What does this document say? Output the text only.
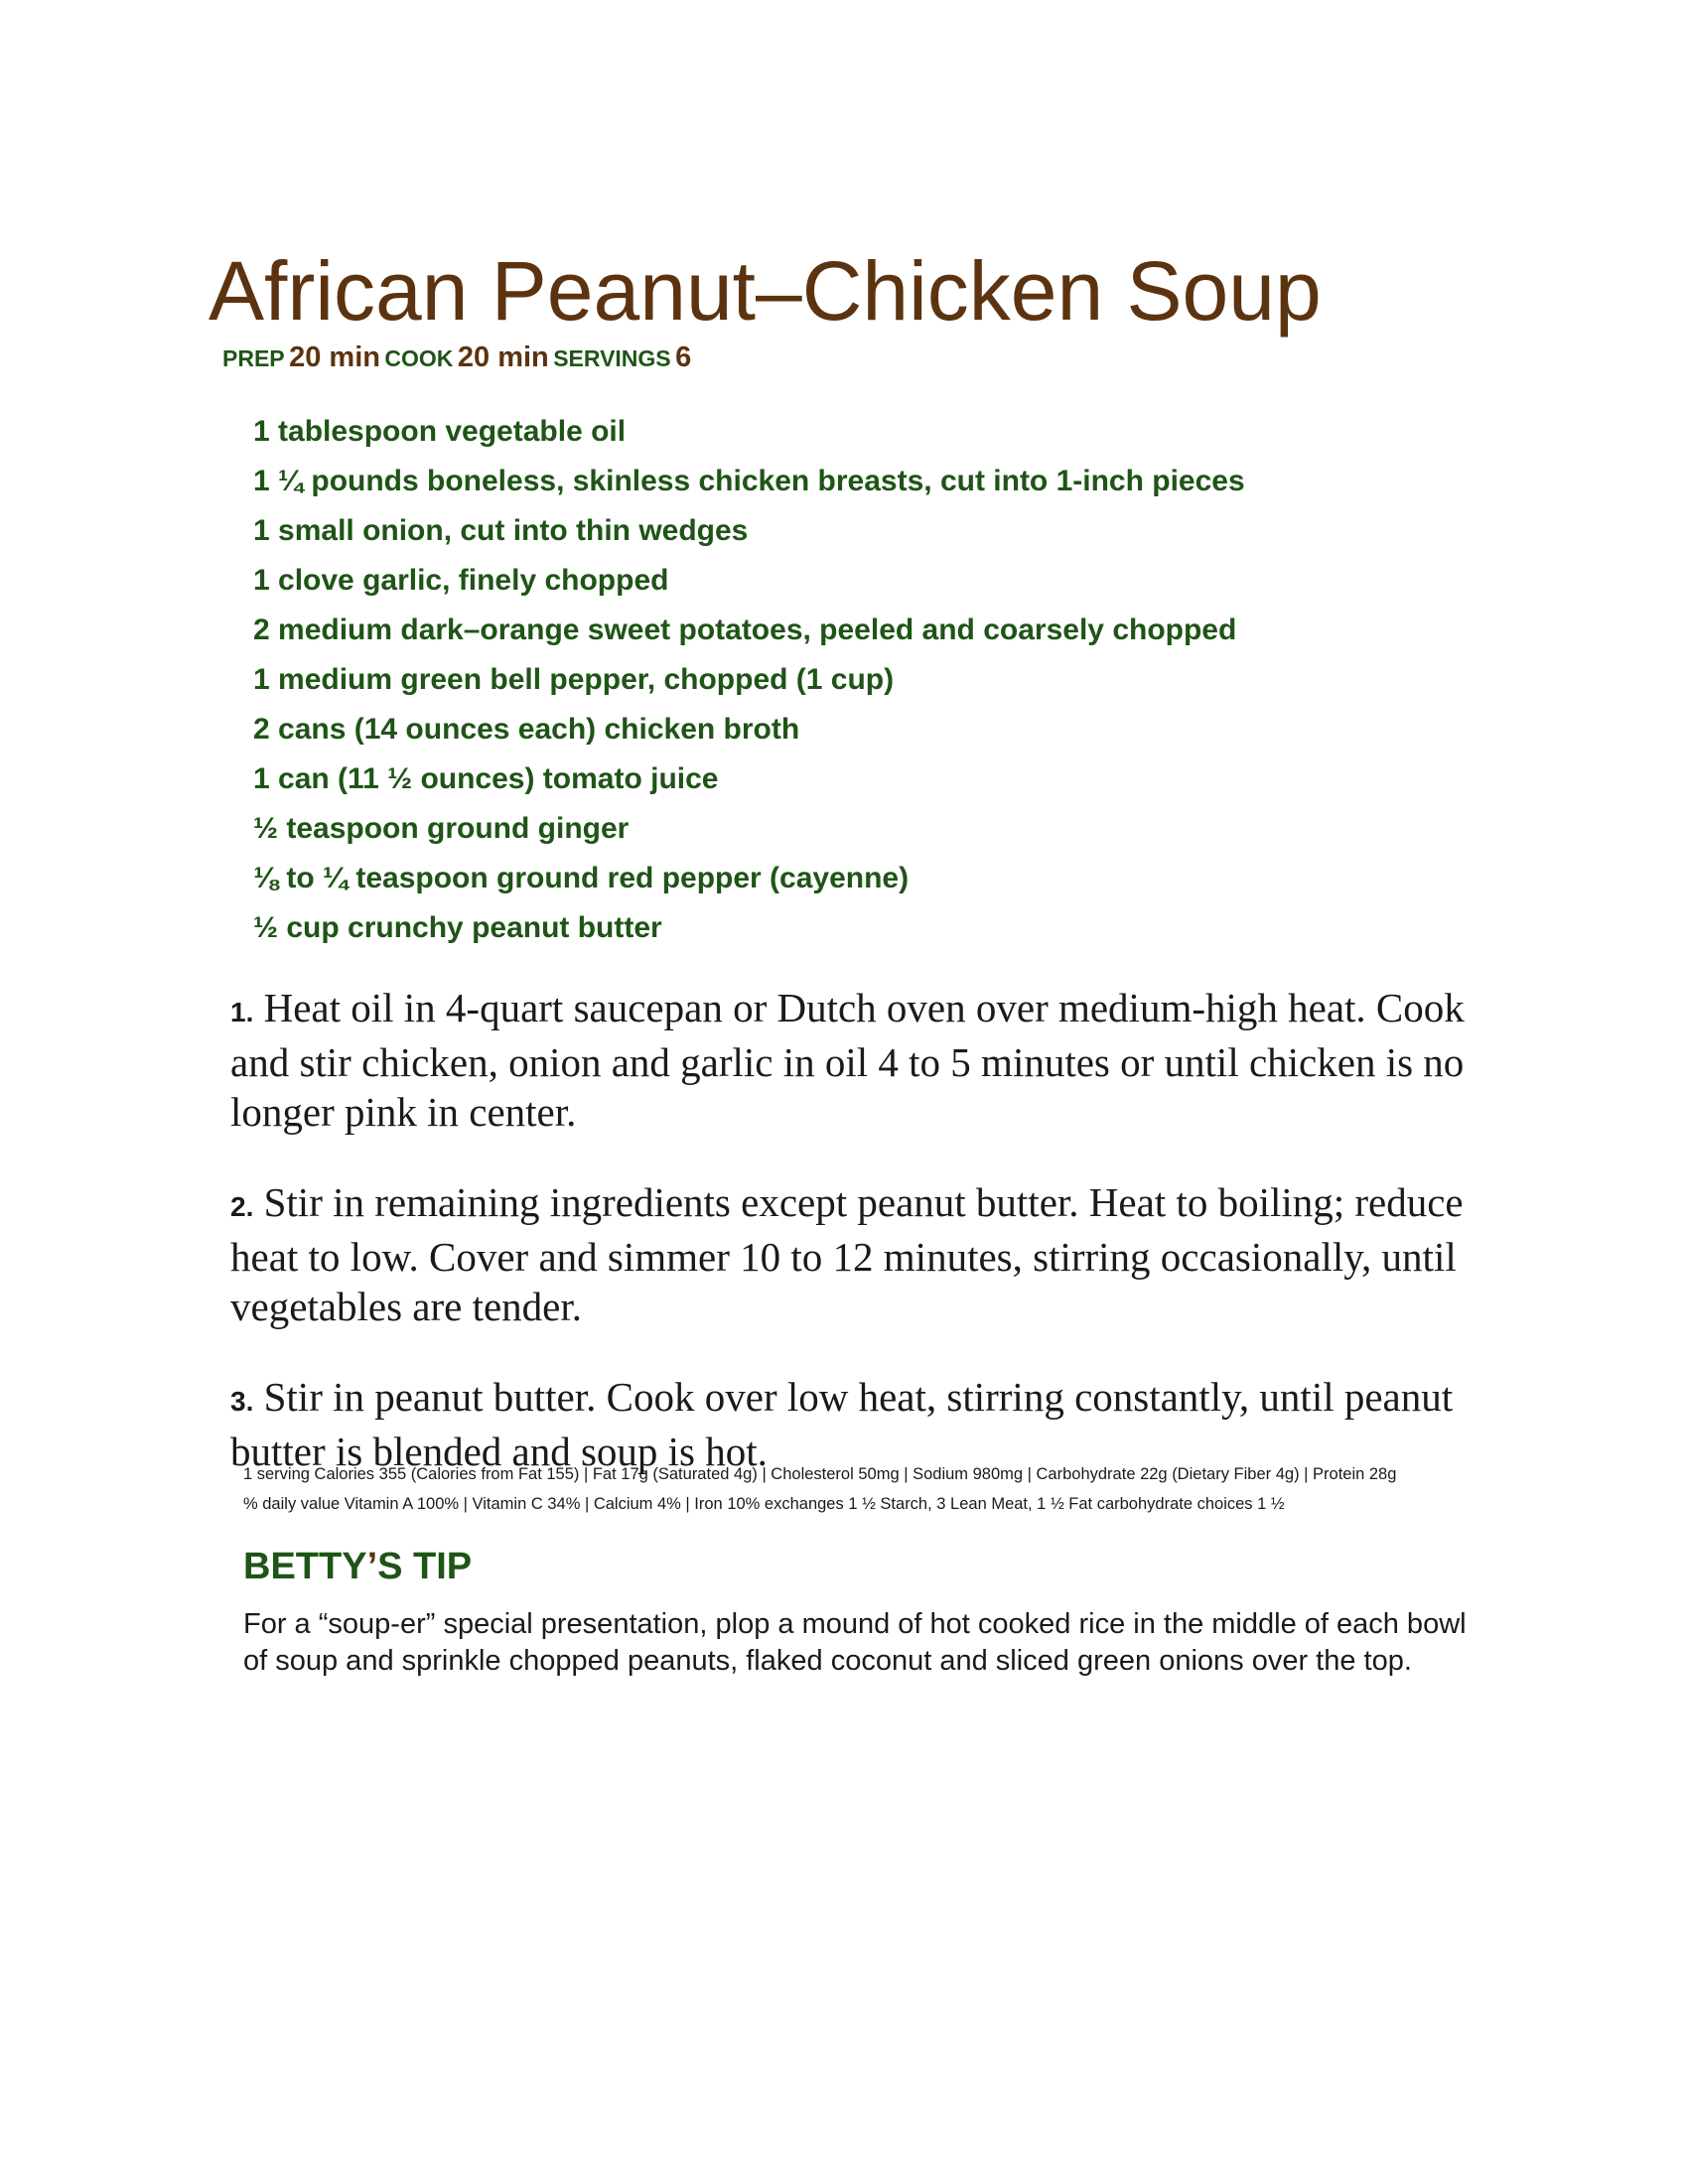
African Peanut–Chicken Soup
PREP 20 min COOK 20 min SERVINGS 6
1 tablespoon vegetable oil
1 ¼ pounds boneless, skinless chicken breasts, cut into 1-inch pieces
1 small onion, cut into thin wedges
1 clove garlic, finely chopped
2 medium dark–orange sweet potatoes, peeled and coarsely chopped
1 medium green bell pepper, chopped (1 cup)
2 cans (14 ounces each) chicken broth
1 can (11 ½ ounces) tomato juice
½ teaspoon ground ginger
⅛ to ¼ teaspoon ground red pepper (cayenne)
½ cup crunchy peanut butter

1. Heat oil in 4-quart saucepan or Dutch oven over medium-high heat. Cook and stir chicken, onion and garlic in oil 4 to 5 minutes or until chicken is no longer pink in center.

2. Stir in remaining ingredients except peanut butter. Heat to boiling; reduce heat to low. Cover and simmer 10 to 12 minutes, stirring occasionally, until vegetables are tender.

3. Stir in peanut butter. Cook over low heat, stirring constantly, until peanut butter is blended and soup is hot.

1 serving Calories 355 (Calories from Fat 155) | Fat 17g (Saturated 4g) | Cholesterol 50mg | Sodium 980mg | Carbohydrate 22g (Dietary Fiber 4g) | Protein 28g
% daily value Vitamin A 100% | Vitamin C 34% | Calcium 4% | Iron 10% exchanges 1 ½ Starch, 3 Lean Meat, 1 ½ Fat carbohydrate choices 1 ½
BETTY’S TIP

For a “soup-er” special presentation, plop a mound of hot cooked rice in the middle of each bowl of soup and sprinkle chopped peanuts, flaked coconut and sliced green onions over the top.
